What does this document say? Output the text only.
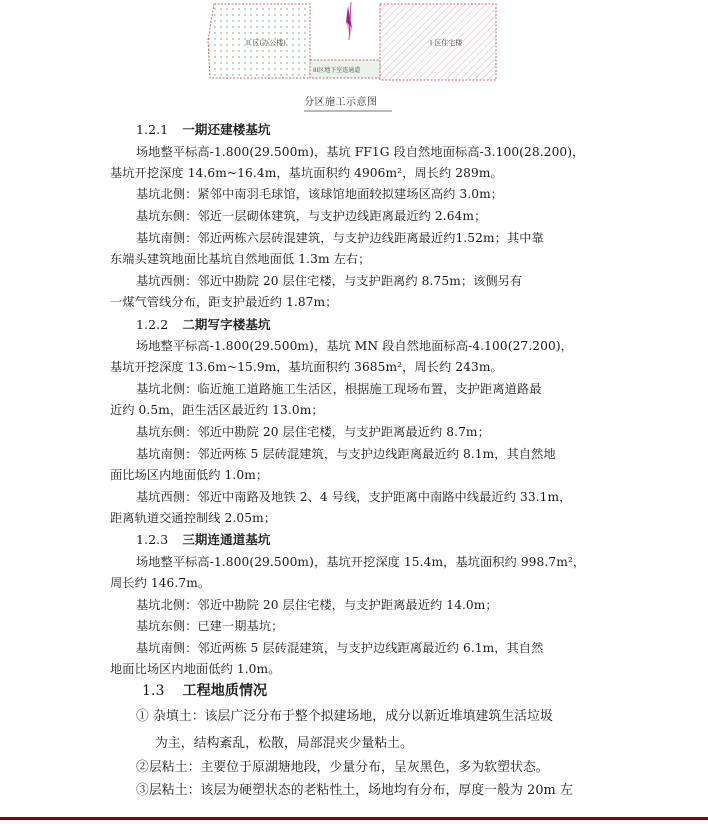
II 区(办公楼)	I 区住宅楼
III区地下室连通道
分区施工示意图
1.2.1 一期还建楼基坑
场地整平标高-1.800(29.500m)，基坑 FF1G 段自然地面标高-3.100(28.200)，
基坑开挖深度 14.6m~16.4m，基坑面积约 4906m²，周长约 289m。
基坑北侧：紧邻中南羽毛球馆，该球馆地面较拟建场区高约 3.0m；
基坑东侧：邻近一层砌体建筑，与支护边线距离最近约 2.64m；
基坑南侧：邻近两栋六层砖混建筑，与支护边线距离最近约1.52m；其中靠
东端头建筑地面比基坑自然地面低 1.3m 左右；
基坑西侧：邻近中勘院 20 层住宅楼，与支护距离约 8.75m；该侧另有
一煤气管线分布，距支护最近约 1.87m；
1.2.2 二期写字楼基坑
场地整平标高-1.800(29.500m)，基坑 MN 段自然地面标高-4.100(27.200)，
基坑开挖深度 13.6m~15.9m，基坑面积约 3685m²，周长约 243m。
基坑北侧：临近施工道路施工生活区，根据施工现场布置，支护距离道路最
近约 0.5m，距生活区最近约 13.0m；
基坑东侧：邻近中勘院 20 层住宅楼，与支护距离最近约 8.7m；
基坑南侧：邻近两栋 5 层砖混建筑，与支护边线距离最近约 8.1m，其自然地
面比场区内地面低约 1.0m；
基坑西侧：邻近中南路及地铁 2、4 号线，支护距离中南路中线最近约 33.1m，
距离轨道交通控制线 2.05m；
1.2.3 三期连通道基坑
场地整平标高-1.800(29.500m)，基坑开挖深度 15.4m，基坑面积约 998.7m²，
周长约 146.7m。
基坑北侧：邻近中勘院 20 层住宅楼，与支护距离最近约 14.0m；
基坑东侧：已建一期基坑；
基坑南侧：邻近两栋 5 层砖混建筑，与支护边线距离最近约 6.1m，其自然
地面比场区内地面低约 1.0m。
1.3 工程地质情况
① 杂填土：该层广泛分布于整个拟建场地，成分以新近堆填建筑生活垃圾
为主，结构紊乱，松散，局部混夹少量粘土。
②层粘土：主要位于原湖塘地段，少量分布，呈灰黑色，多为软塑状态。
③层粘土：该层为硬塑状态的老粘性土，场地均有分布，厚度一般为 20m 左
